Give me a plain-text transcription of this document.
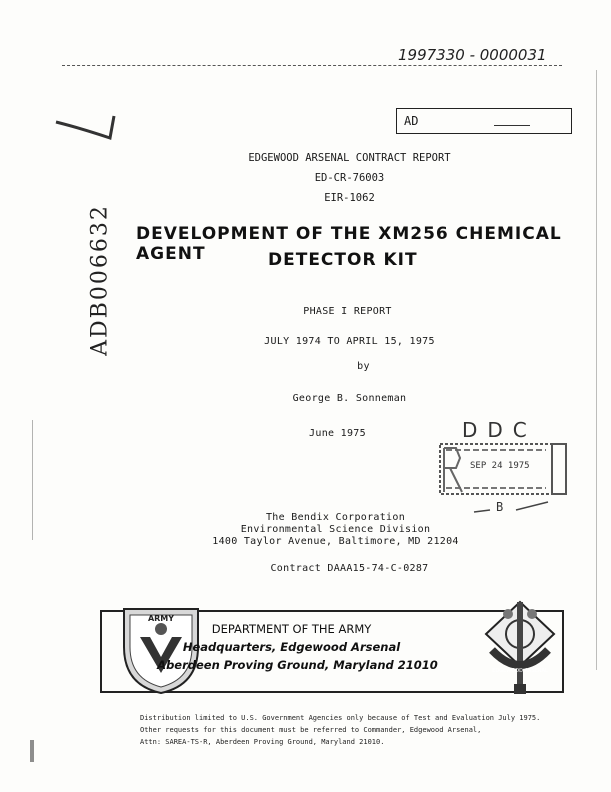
1997330 - 0000031
AD
EDGEWOOD ARSENAL CONTRACT REPORT
ED-CR-76003
EIR-1062
ADB006632 DEVELOPMENT OF THE XM256 CHEMICAL AGENT	DETECTOR KIT
PHASE I REPORT
JULY 1974 TO APRIL 15, 1975
by
George B. Sonneman
June 1975	DDC
SEP 24 1975
B
The Bendix Corporation
Environmental Science Division
1400 Taylor Avenue, Baltimore, MD 21204
Contract DAAA15-74-C-0287
ARMY
DEPARTMENT OF THE ARMY
Headquarters, Edgewood Arsenal
Aberdeen Proving Ground, Maryland 21010	EDGEWOOD ARSENAL
Distribution limited to U.S. Government Agencies only because of Test and Evaluation July 1975.
Other requests for this document must be referred to Commander, Edgewood Arsenal,
Attn: SAREA-TS-R, Aberdeen Proving Ground, Maryland 21010.
